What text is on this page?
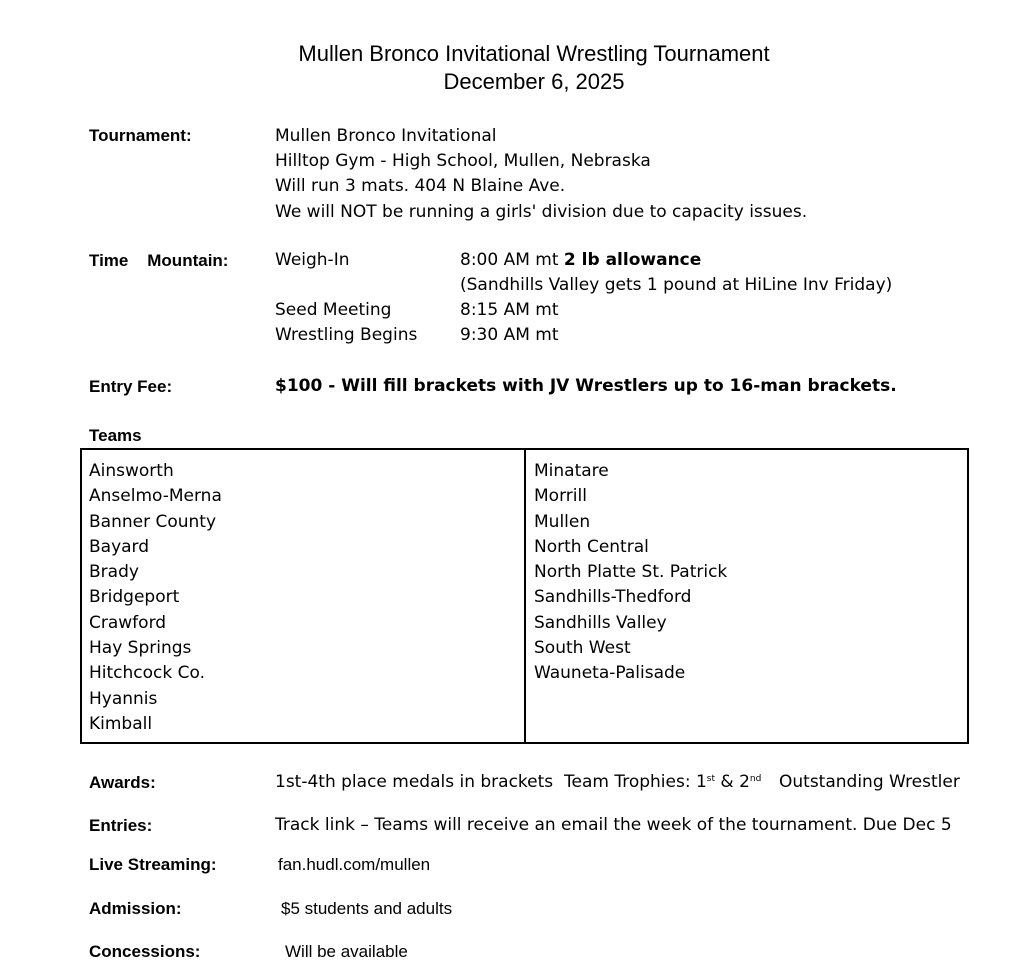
Mullen Bronco Invitational Wrestling Tournament
December 6, 2025
Tournament:	Mullen Bronco Invitational
Hilltop Gym - High School, Mullen, Nebraska
Will run 3 mats. 404 N Blaine Ave.
We will NOT be running a girls' division due to capacity issues.
Time    Mountain:	Weigh-In	8:00 AM mt 2 lb allowance
(Sandhills Valley gets 1 pound at HiLine Inv Friday)
Seed Meeting	8:15 AM mt
Wrestling Begins	9:30 AM mt
Entry Fee:	$100 - Will fill brackets with JV Wrestlers up to 16-man brackets.
Teams
Ainsworth
Anselmo-Merna
Banner County
Bayard
Brady
Bridgeport
Crawford
Hay Springs
Hitchcock Co.
Hyannis
Kimball
Minatare
Morrill
Mullen
North Central
North Platte St. Patrick
Sandhills-Thedford
Sandhills Valley
South West
Wauneta-Palisade
Awards:	1st-4th place medals in brackets Team Trophies: 1st & 2nd Outstanding Wrestler
Entries:	Track link – Teams will receive an email the week of the tournament. Due Dec 5
Live Streaming:	fan.hudl.com/mullen
Admission:	$5 students and adults
Concessions:	Will be available
